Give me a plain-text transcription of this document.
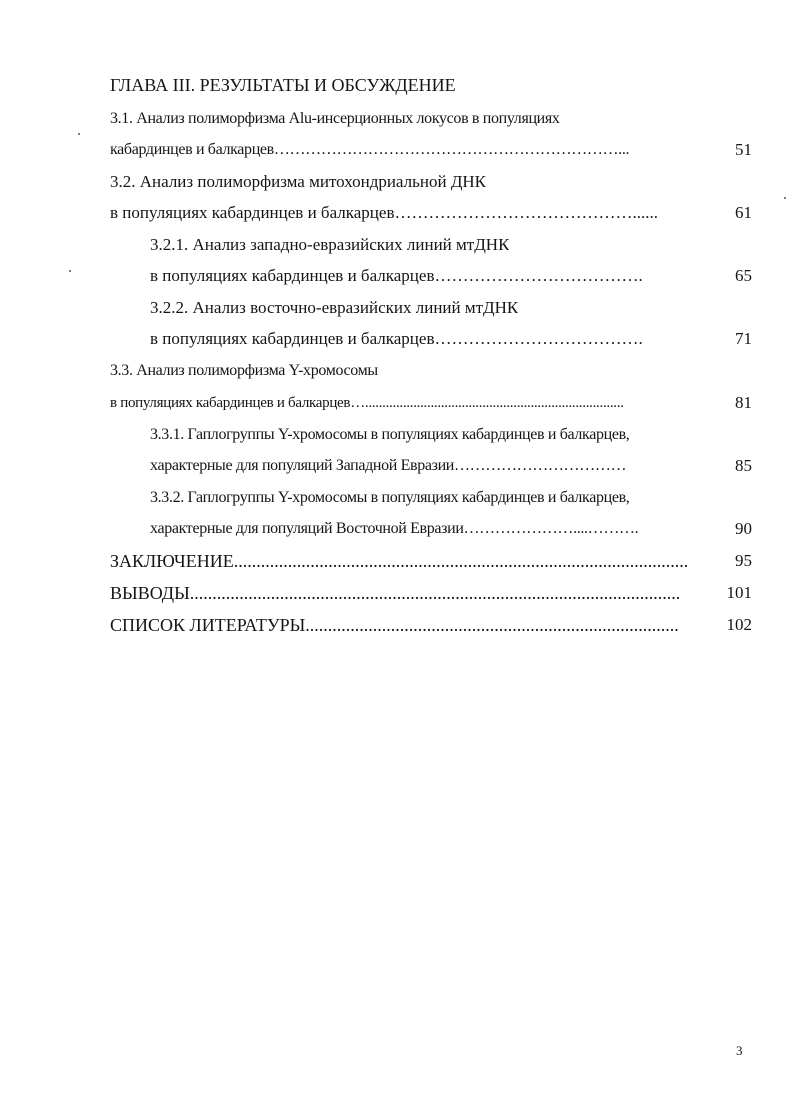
ГЛАВА III. РЕЗУЛЬТАТЫ И ОБСУЖДЕНИЕ
3.1. Анализ полиморфизма Alu-инсерционных локусов в популяциях
кабардинцев и балкарцев…………………………………………………………...	51
3.2. Анализ полиморфизма митохондриальной ДНК
в популяциях кабардинцев и балкарцев……………………………………......	61
3.2.1. Анализ западно-евразийских линий мтДНК
в популяциях кабардинцев и балкарцев……………………………….	65
3.2.2. Анализ восточно-евразийских линий мтДНК
в популяциях кабардинцев и балкарцев……………………………….	71
3.3. Анализ полиморфизма Y-хромосомы
в популяциях кабардинцев и балкарцев…...........................................................................	81
3.3.1. Гаплогруппы Y-хромосомы в популяциях кабардинцев и балкарцев,
характерные для популяций Западной Евразии……………………………	85
3.3.2. Гаплогруппы Y-хромосомы в популяциях кабардинцев и балкарцев,
характерные для популяций Восточной Евразии…………………....……….	90
ЗАКЛЮЧЕНИЕ.....................................................................................................	95
ВЫВОДЫ.............................................................................................................	101
СПИСОК ЛИТЕРАТУРЫ...................................................................................	102
3
